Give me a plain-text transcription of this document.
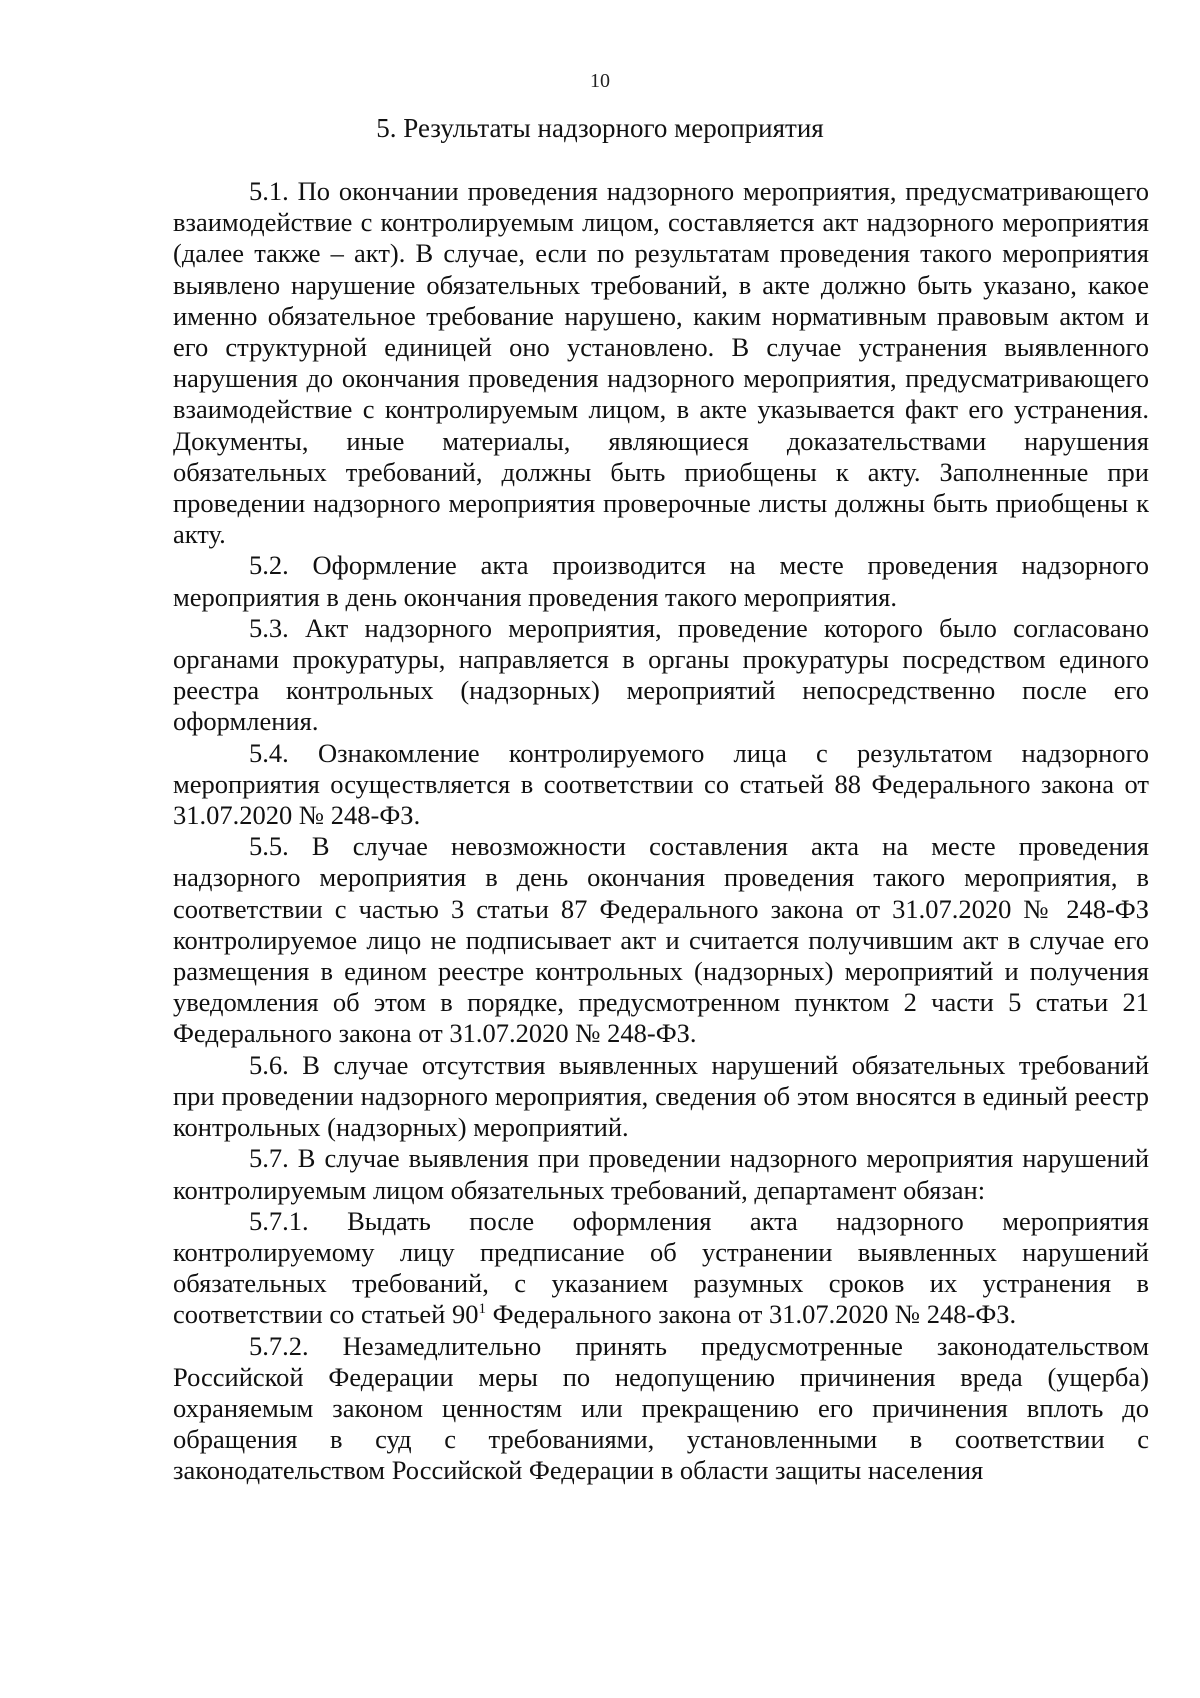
10
5. Результаты надзорного мероприятия

5.1. По окончании проведения надзорного мероприятия, предусматривающего взаимодействие с контролируемым лицом, составляется акт надзорного мероприятия (далее также – акт). В случае, если по результатам проведения такого мероприятия выявлено нарушение обязательных требований, в акте должно быть указано, какое именно обязательное требование нарушено, каким нормативным правовым актом и его структурной единицей оно установлено. В случае устранения выявленного нарушения до окончания проведения надзорного мероприятия, предусматривающего взаимодействие с контролируемым лицом, в акте указывается факт его устранения. Документы, иные материалы, являющиеся доказательствами нарушения обязательных требований, должны быть приобщены к акту. Заполненные при проведении надзорного мероприятия проверочные листы должны быть приобщены к акту.

5.2. Оформление акта производится на месте проведения надзорного мероприятия в день окончания проведения такого мероприятия.

5.3. Акт надзорного мероприятия, проведение которого было согласовано органами прокуратуры, направляется в органы прокуратуры посредством единого реестра контрольных (надзорных) мероприятий непосредственно после его оформления.

5.4. Ознакомление контролируемого лица с результатом надзорного мероприятия осуществляется в соответствии со статьей 88 Федерального закона от 31.07.2020 № 248-ФЗ.

5.5. В случае невозможности составления акта на месте проведения надзорного мероприятия в день окончания проведения такого мероприятия, в соответствии с частью 3 статьи 87 Федерального закона от 31.07.2020 № 248-ФЗ контролируемое лицо не подписывает акт и считается получившим акт в случае его размещения в едином реестре контрольных (надзорных) мероприятий и получения уведомления об этом в порядке, предусмотренном пунктом 2 части 5 статьи 21 Федерального закона от 31.07.2020 № 248-ФЗ.

5.6. В случае отсутствия выявленных нарушений обязательных требований при проведении надзорного мероприятия, сведения об этом вносятся в единый реестр контрольных (надзорных) мероприятий.

5.7. В случае выявления при проведении надзорного мероприятия нарушений контролируемым лицом обязательных требований, департамент обязан:

5.7.1. Выдать после оформления акта надзорного мероприятия контролируемому лицу предписание об устранении выявленных нарушений обязательных требований, с указанием разумных сроков их устранения в соответствии со статьей 90$^1$ Федерального закона от 31.07.2020 № 248-ФЗ.

5.7.2. Незамедлительно принять предусмотренные законодательством Российской Федерации меры по недопущению причинения вреда (ущерба) охраняемым законом ценностям или прекращению его причинения вплоть до обращения в суд с требованиями, установленными в соответствии с законодательством Российской Федерации в области защиты населения
